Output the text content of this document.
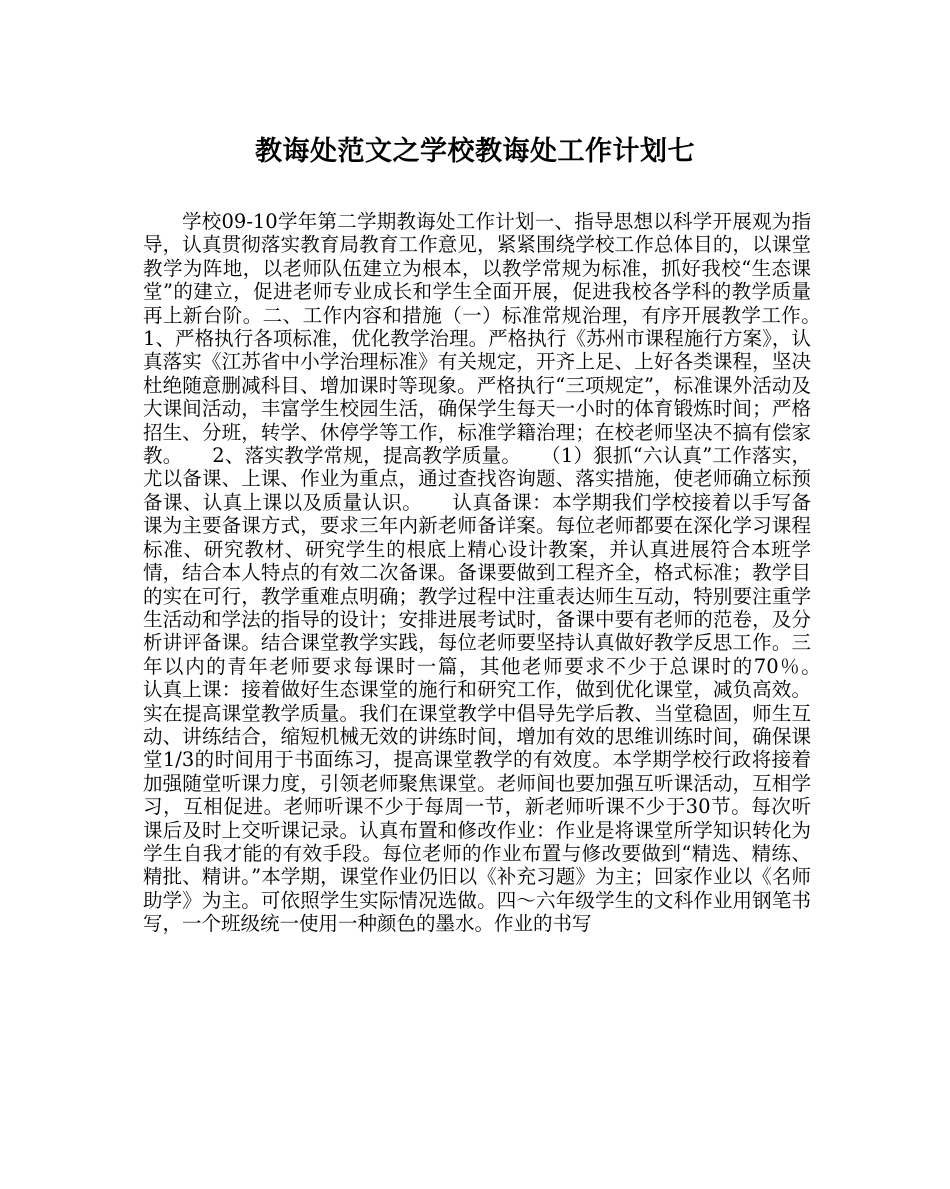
教诲处范文之学校教诲处工作计划七

学校09-10学年第二学期教诲处工作计划一、指导思想以科学开展观为指导，认真贯彻落实教育局教育工作意见，紧紧围绕学校工作总体目的，以课堂教学为阵地，以老师队伍建立为根本，以教学常规为标准，抓好我校“生态课堂”的建立，促进老师专业成长和学生全面开展，促进我校各学科的教学质量再上新台阶。二、工作内容和措施（一）标准常规治理，有序开展教学工作。　　1、严格执行各项标准，优化教学治理。严格执行《苏州市课程施行方案》，认真落实《江苏省中小学治理标准》有关规定，开齐上足、上好各类课程，坚决杜绝随意删减科目、增加课时等现象。严格执行“三项规定”，标准课外活动及大课间活动，丰富学生校园生活，确保学生每天一小时的体育锻炼时间；严格招生、分班，转学、休停学等工作，标准学籍治理；在校老师坚决不搞有偿家教。　　2、落实教学常规，提高教学质量。　　（1）狠抓“六认真”工作落实，尤以备课、上课、作业为重点，通过查找咨询题、落实措施，使老师确立标预备课、认真上课以及质量认识。　　认真备课：本学期我们学校接着以手写备课为主要备课方式，要求三年内新老师备详案。每位老师都要在深化学习课程标准、研究教材、研究学生的根底上精心设计教案，并认真进展符合本班学情，结合本人特点的有效二次备课。备课要做到工程齐全，格式标准；教学目的实在可行，教学重难点明确；教学过程中注重表达师生互动，特别要注重学生活动和学法的指导的设计；安排进展考试时，备课中要有老师的范卷，及分析讲评备课。结合课堂教学实践，每位老师要坚持认真做好教学反思工作。三年以内的青年老师要求每课时一篇，其他老师要求不少于总课时的70％。　　认真上课：接着做好生态课堂的施行和研究工作，做到优化课堂，减负高效。实在提高课堂教学质量。我们在课堂教学中倡导先学后教、当堂稳固，师生互动、讲练结合，缩短机械无效的讲练时间，增加有效的思维训练时间，确保课堂1/3的时间用于书面练习，提高课堂教学的有效度。本学期学校行政将接着加强随堂听课力度，引领老师聚焦课堂。老师间也要加强互听课活动，互相学习，互相促进。老师听课不少于每周一节，新老师听课不少于30节。每次听课后及时上交听课记录。认真布置和修改作业：作业是将课堂所学知识转化为学生自我才能的有效手段。每位老师的作业布置与修改要做到“精选、精练、精批、精讲。”本学期，课堂作业仍旧以《补充习题》为主；回家作业以《名师助学》为主。可依照学生实际情况选做。四～六年级学生的文科作业用钢笔书写，一个班级统一使用一种颜色的墨水。作业的书写
